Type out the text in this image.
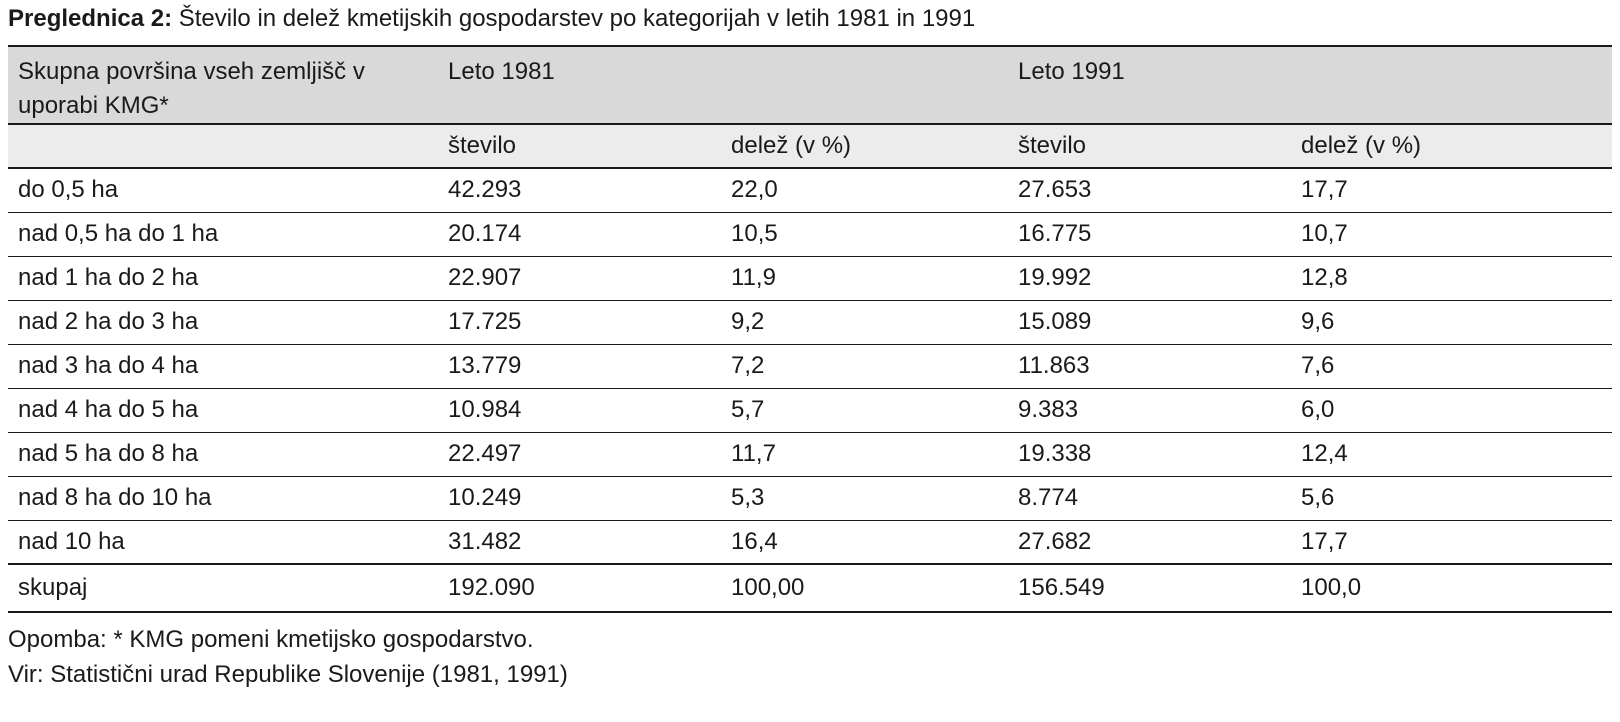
Preglednica 2: Število in delež kmetijskih gospodarstev po kategorijah v letih 1981 in 1991
Skupna površina vseh zemljišč v uporabi KMG*	Leto 1981		Leto 1991	
	število	delež (v %)	število	delež (v %)
do 0,5 ha	42.293	22,0	27.653	17,7
nad 0,5 ha do 1 ha	20.174	10,5	16.775	10,7
nad 1 ha do 2 ha	22.907	11,9	19.992	12,8
nad 2 ha do 3 ha	17.725	9,2	15.089	9,6
nad 3 ha do 4 ha	13.779	7,2	11.863	7,6
nad 4 ha do 5 ha	10.984	5,7	9.383	6,0
nad 5 ha do 8 ha	22.497	11,7	19.338	12,4
nad 8 ha do 10 ha	10.249	5,3	8.774	5,6
nad 10 ha	31.482	16,4	27.682	17,7
skupaj	192.090	100,00	156.549	100,0
Opomba: * KMG pomeni kmetijsko gospodarstvo.
Vir: Statistični urad Republike Slovenije (1981, 1991)
